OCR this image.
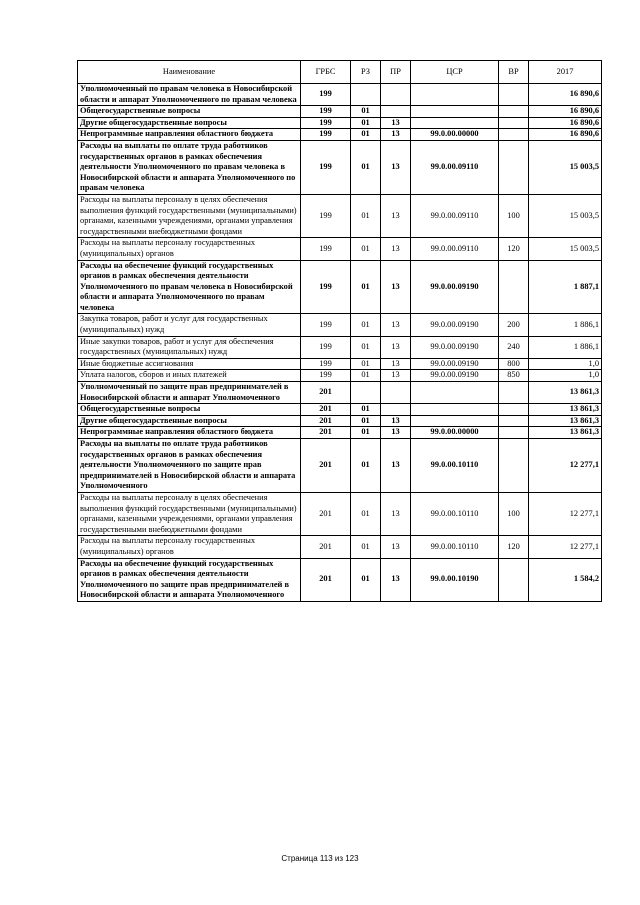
Наименование	ГРБС	РЗ	ПР	ЦСР	ВР	2017
Уполномоченный по правам человека в Новосибирской области и аппарат Уполномоченного по правам человека	199					16 890,6
Общегосударственные вопросы	199	01				16 890,6
Другие общегосударственные вопросы	199	01	13			16 890,6
Непрограммные направления областного бюджета	199	01	13	99.0.00.00000		16 890,6
Расходы на выплаты по оплате труда работников государственных органов в рамках обеспечения деятельности Уполномоченного по правам человека в Новосибирской области и аппарата Уполномоченного по правам человека	199	01	13	99.0.00.09110		15 003,5
Расходы на выплаты персоналу в целях обеспечения выполнения функций государственными (муниципальными) органами, казенными учреждениями, органами управления государственными внебюджетными фондами	199	01	13	99.0.00.09110	100	15 003,5
Расходы на выплаты персоналу государственных (муниципальных) органов	199	01	13	99.0.00.09110	120	15 003,5
Расходы на обеспечение функций государственных органов в рамках обеспечения деятельности Уполномоченного по правам человека в Новосибирской области и аппарата Уполномоченного по правам человека	199	01	13	99.0.00.09190		1 887,1
Закупка товаров, работ и услуг для государственных (муниципальных) нужд	199	01	13	99.0.00.09190	200	1 886,1
Иные закупки товаров, работ и услуг для обеспечения государственных (муниципальных) нужд	199	01	13	99.0.00.09190	240	1 886,1
Иные бюджетные ассигнования	199	01	13	99.0.00.09190	800	1,0
Уплата налогов, сборов и иных платежей	199	01	13	99.0.00.09190	850	1,0
Уполномоченный по защите прав предпринимателей в Новосибирской области и аппарат Уполномоченного	201					13 861,3
Общегосударственные вопросы	201	01				13 861,3
Другие общегосударственные вопросы	201	01	13			13 861,3
Непрограммные направления областного бюджета	201	01	13	99.0.00.00000		13 861,3
Расходы на выплаты по оплате труда работников государственных органов в рамках обеспечения деятельности Уполномоченного по защите прав предпринимателей в Новосибирской области и аппарата Уполномоченного	201	01	13	99.0.00.10110		12 277,1
Расходы на выплаты персоналу в целях обеспечения выполнения функций государственными (муниципальными) органами, казенными учреждениями, органами управления государственными внебюджетными фондами	201	01	13	99.0.00.10110	100	12 277,1
Расходы на выплаты персоналу государственных (муниципальных) органов	201	01	13	99.0.00.10110	120	12 277,1
Расходы на обеспечение функций государственных органов в рамках обеспечения деятельности Уполномоченного по защите прав предпринимателей в Новосибирской области и аппарата Уполномоченного	201	01	13	99.0.00.10190		1 584,2
Страница 113 из 123
